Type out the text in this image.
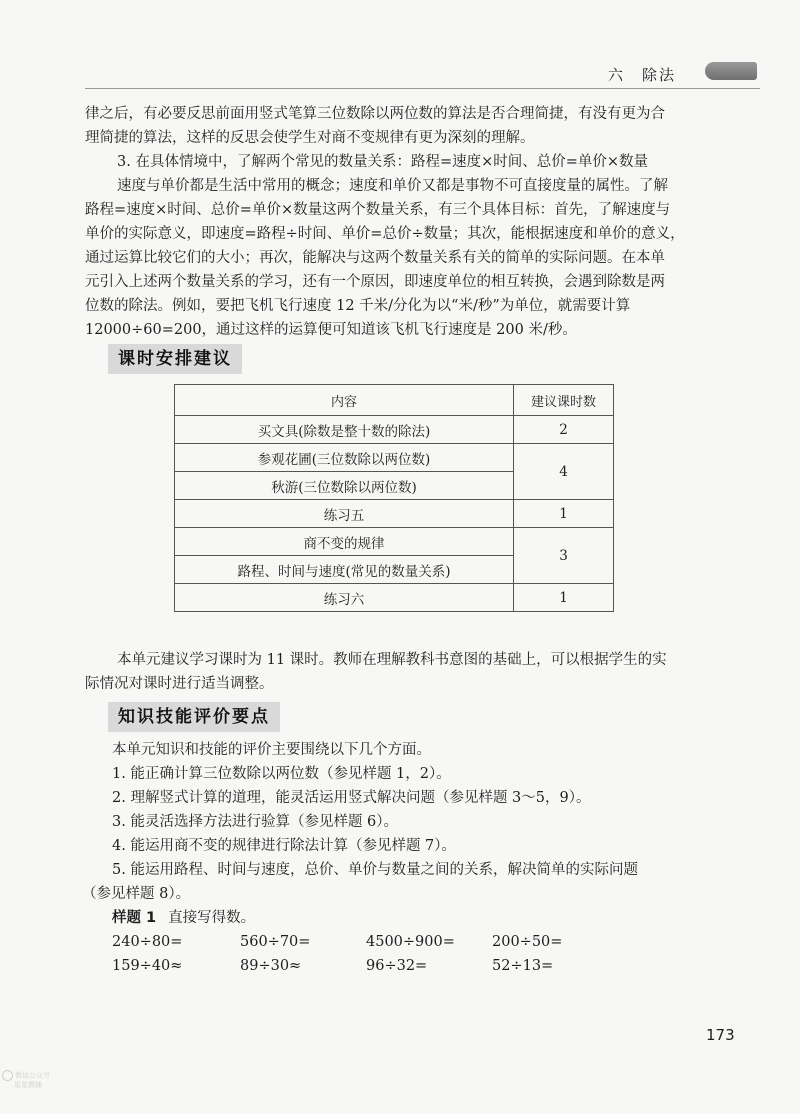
六　除法
律之后，有必要反思前面用竖式笔算三位数除以两位数的算法是否合理简捷，有没有更为合
理简捷的算法，这样的反思会使学生对商不变规律有更为深刻的理解。
3. 在具体情境中，了解两个常见的数量关系：路程=速度×时间、总价=单价×数量
速度与单价都是生活中常用的概念；速度和单价又都是事物不可直接度量的属性。了解
路程=速度×时间、总价=单价×数量这两个数量关系，有三个具体目标：首先，了解速度与
单价的实际意义，即速度=路程÷时间、单价=总价÷数量；其次，能根据速度和单价的意义，
通过运算比较它们的大小；再次，能解决与这两个数量关系有关的简单的实际问题。在本单
元引入上述两个数量关系的学习，还有一个原因，即速度单位的相互转换，会遇到除数是两
位数的除法。例如，要把飞机飞行速度 12 千米/分化为以“米/秒”为单位，就需要计算
12000÷60=200，通过这样的运算便可知道该飞机飞行速度是 200 米/秒。
课时安排建议
内容	建议课时数
买文具(除数是整十数的除法)	2
参观花圃(三位数除以两位数)	4
秋游(三位数除以两位数)	
练习五	1
商不变的规律	3
路程、时间与速度(常见的数量关系)	
练习六	1
本单元建议学习课时为 11 课时。教师在理解教科书意图的基础上，可以根据学生的实
际情况对课时进行适当调整。
知识技能评价要点

本单元知识和技能的评价主要围绕以下几个方面。

1. 能正确计算三位数除以两位数（参见样题 1，2）。

2. 理解竖式计算的道理，能灵活运用竖式解决问题（参见样题 3～5，9）。

3. 能灵活选择方法进行验算（参见样题 6）。

4. 能运用商不变的规律进行除法计算（参见样题 7）。

5. 能运用路程、时间与速度，总价、单价与数量之间的关系，解决简单的实际问题

（参见样题 8）。

样题 1 直接写得数。

240÷80=	560÷70=	4500÷900=	200÷50=
159÷40≈	89÷30≈	96÷32=	52÷13=
173
微信公众号
星星教辅
